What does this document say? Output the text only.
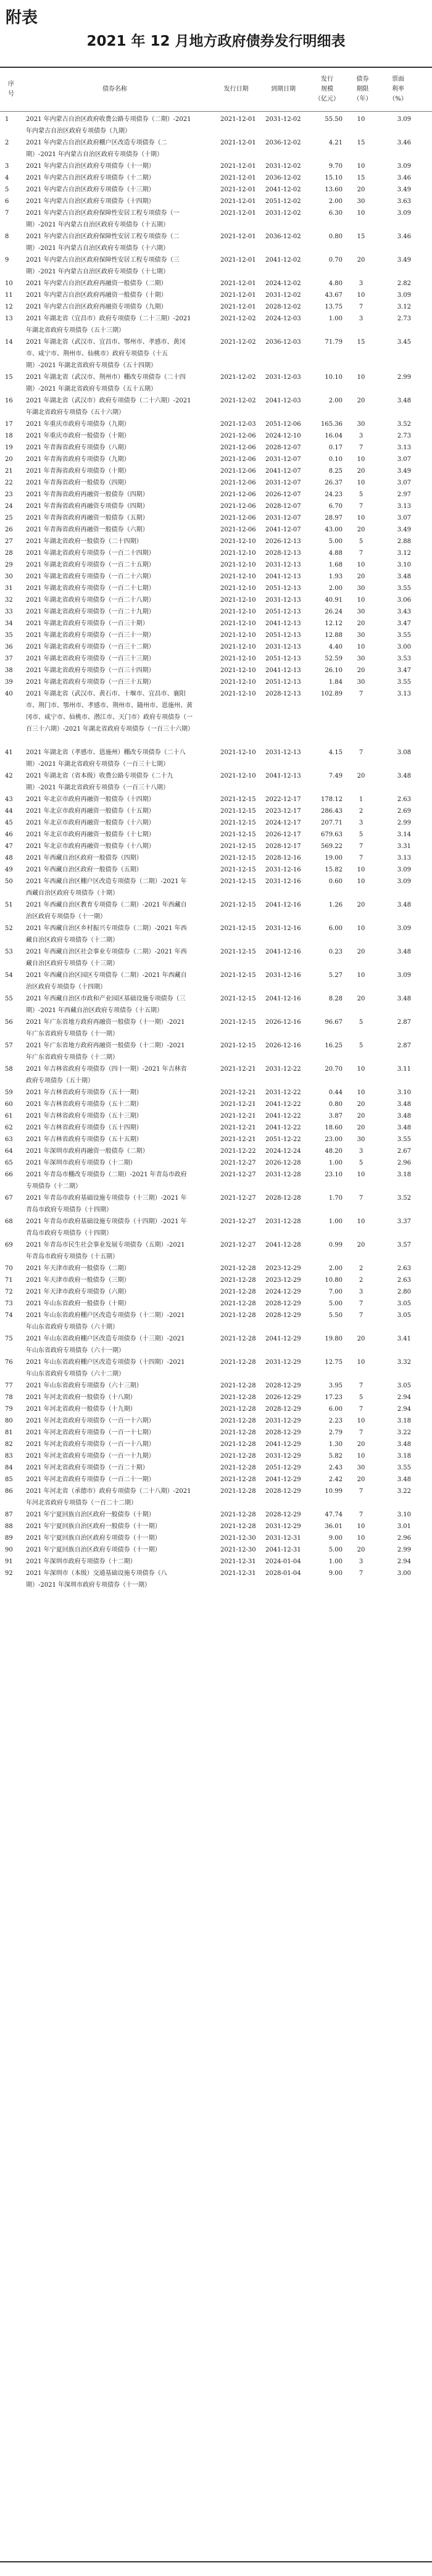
附表
2021 年 12 月地方政府债券发行明细表
序
号
债券名称	发行日期	到期日期
发行
规模
（亿元）
债券
期限
（年）
票面
利率
（%）
1	2021 年内蒙古自治区政府收费公路专项债券（二期）-2021 年内蒙古自治区政府专项债券（九期）
2021-12-01 2031-12-02	55.50	10	3.09
2	2021 年内蒙古自治区政府棚户区改造专项债券（二期）-2021 年内蒙古自治区政府专项债券（十期）
2021-12-01 2036-12-02	4.21	15	3.46
3	2021 年内蒙古自治区政府专项债券（十一期）	2021-12-01 2031-12-02	9.70	10	3.09
4	2021 年内蒙古自治区政府专项债券（十二期）	2021-12-01 2036-12-02	15.10	15	3.46
5	2021 年内蒙古自治区政府专项债券（十三期）	2021-12-01 2041-12-02	13.60	20	3.49
6	2021 年内蒙古自治区政府专项债券（十四期）	2021-12-01 2051-12-02	2.00	30	3.63
7	2021 年内蒙古自治区政府保障性安居工程专项债券（一期）-2021 年内蒙古自治区政府专项债券（十五期）
2021-12-01 2031-12-02	6.30	10	3.09
8	2021 年内蒙古自治区政府保障性安居工程专项债券（二期）-2021 年内蒙古自治区政府专项债券（十六期）
2021-12-01 2036-12-02	0.80	15	3.46
9	2021 年内蒙古自治区政府保障性安居工程专项债券（三期）-2021 年内蒙古自治区政府专项债券（十七期）
2021-12-01 2041-12-02	0.70	20	3.49
10 2021 年内蒙古自治区政府再融资一般债券（二期）	2021-12-01 2024-12-02	4.80	3	2.82
11 2021 年内蒙古自治区政府再融资一般债券（十期）	2021-12-01 2031-12-02	43.67	10	3.09
12 2021 年内蒙古自治区政府再融资专项债券（九期）	2021-12-01 2028-12-02	13.75	7	3.12
13 2021 年湖北省（宜昌市）政府专项债券（二十三期）-2021 年湖北省政府专项债券（五十三期）
2021-12-02 2024-12-03	1.00	3	2.73
14 2021 年湖北省（武汉市、宜昌市、鄂州市、孝感市、黄冈市、咸宁市、荆州市、仙桃市）政府专项债券（十五期）-2021 年湖北省政府专项债券（五十四期）
2021-12-02 2036-12-03	71.79	15	3.45
15 2021 年湖北省（武汉市、荆州市）棚改专项债券（二十四期）-2021 年湖北省政府专项债券（五十五期）
2021-12-02 2031-12-03	10.10	10	2.99
16 2021 年湖北省（武汉市）政府专项债券（二十六期）-2021 年湖北省政府专项债券（五十六期）
2021-12-02 2041-12-03	2.00	20	3.48
17 2021 年重庆市政府专项债券（九期）	2021-12-03 2051-12-06	165.36	30	3.52
18 2021 年重庆市政府一般债券（十期）	2021-12-06 2024-12-10	16.04	3	2.73
19 2021 年青海省政府专项债券（八期）	2021-12-06 2028-12-07	0.17	7	3.13
20 2021 年青海省政府专项债券（九期）	2021-12-06 2031-12-07	0.10	10	3.07
21 2021 年青海省政府专项债券（十期）	2021-12-06 2041-12-07	8.25	20	3.49
22 2021 年青海省政府一般债券（四期）	2021-12-06 2031-12-07	26.37	10	3.07
23 2021 年青海省政府再融资一般债券（四期）	2021-12-06 2026-12-07	24.23	5	2.97
24 2021 年青海省政府再融资专项债券（四期）	2021-12-06 2028-12-07	6.70	7	3.13
25 2021 年青海省政府再融资一般债券（五期）	2021-12-06 2031-12-07	28.97	10	3.07
26 2021 年青海省政府再融资一般债券（六期）	2021-12-06 2041-12-07	43.00	20	3.49
27 2021 年湖北省政府一般债券（二十四期）	2021-12-10 2026-12-13	5.00	5	2.88
28 2021 年湖北省政府专项债券（一百二十四期）	2021-12-10 2028-12-13	4.88	7	3.12
29 2021 年湖北省政府专项债券（一百二十五期）	2021-12-10 2031-12-13	1.68	10	3.10
30 2021 年湖北省政府专项债券（一百二十六期）	2021-12-10 2041-12-13	1.93	20	3.48
31 2021 年湖北省政府专项债券（一百二十七期）	2021-12-10 2051-12-13	2.00	30	3.55
32 2021 年湖北省政府专项债券（一百二十八期）	2021-12-10 2031-12-13	40.91	10	3.06
33 2021 年湖北省政府专项债券（一百二十九期）	2021-12-10 2051-12-13	26.24	30	3.43
34 2021 年湖北省政府专项债券（一百三十期）	2021-12-10 2041-12-13	12.12	20	3.47
35 2021 年湖北省政府专项债券（一百三十一期）	2021-12-10 2051-12-13	12.88	30	3.55
36 2021 年湖北省政府专项债券（一百三十二期）	2021-12-10 2031-12-13	4.40	10	3.00
37 2021 年湖北省政府专项债券（一百三十三期）	2021-12-10 2051-12-13	52.59	30	3.53
38 2021 年湖北省政府专项债券（一百三十四期）	2021-12-10 2041-12-13	26.10	20	3.47
39 2021 年湖北省政府专项债券（一百三十五期）	2021-12-10 2051-12-13	1.84	30	3.55
40 2021 年湖北省（武汉市、黄石市、十堰市、宜昌市、襄阳市、荆门市、鄂州市、孝感市、荆州市、随州市、恩施州、黄冈市、咸宁市、仙桃市、潜江市、天门市）政府专项债券（一百三十六期）-2021 年湖北省政府专项债券（一百三十六期）
2021-12-10 2028-12-13	102.89	7	3.13
41 2021 年湖北省（孝感市、恩施州）棚改专项债券（二十八期）-2021 年湖北省政府专项债券（一百三十七期）
2021-12-10 2031-12-13	4.15	7	3.08
42 2021 年湖北省（省本级）收费公路专项债券（二十九期）-2021 年湖北省政府专项债券（一百三十八期）
2021-12-10 2041-12-13	7.49	20	3.48
43 2021 年北京市政府再融资一般债券（十四期）	2021-12-15 2022-12-17	178.12	1	2.63
44 2021 年北京市政府再融资一般债券（十五期）	2021-12-15 2023-12-17	286.43	2	2.69
45 2021 年北京市政府再融资一般债券（十六期）	2021-12-15 2024-12-17	207.71	3	2.99
46 2021 年北京市政府再融资一般债券（十七期）	2021-12-15 2026-12-17	679.63	5	3.14
47 2021 年北京市政府再融资一般债券（十八期）	2021-12-15 2028-12-17	569.22	7	3.31
48 2021 年西藏自治区政府一般债券（四期）	2021-12-15 2028-12-16	19.00	7	3.13
49 2021 年西藏自治区政府一般债券（五期）	2021-12-15 2031-12-16	15.82	10	3.09
50 2021 年西藏自治区棚户区改造专项债券（二期）-2021 年西藏自治区政府专项债券（十期）
2021-12-15 2031-12-16	0.60	10	3.09
51 2021 年西藏自治区教育专项债券（二期）-2021 年西藏自治区政府专项债券（十一期）
2021-12-15 2041-12-16	1.26	20	3.48
52 2021 年西藏自治区乡村振兴专项债券（二期）-2021 年西藏自治区政府专项债券（十二期）
2021-12-15 2031-12-16	6.00	10	3.09
53 2021 年西藏自治区社会事业专项债券（二期）-2021 年西藏自治区政府专项债券（十三期）
2021-12-15 2041-12-16	0.23	20	3.48
54 2021 年西藏自治区园区专项债券（二期）-2021 年西藏自治区政府专项债券（十四期）
2021-12-15 2031-12-16	5.27	10	3.09
55 2021 年西藏自治区市政和产业园区基础设施专项债券（三期）-2021 年西藏自治区政府专项债券（十五期）
2021-12-15 2041-12-16	8.28	20	3.48
56 2021 年广东省地方政府再融资一般债券（十一期）-2021 年广东省政府专项债券（十一期）
2021-12-15 2026-12-16	96.67	5	2.87
57 2021 年广东省地方政府再融资一般债券（十二期）-2021 年广东省政府专项债券（十二期）
2021-12-15 2026-12-16	16.25	5	2.87
58 2021 年吉林省政府专项债券（四十一期）-2021 年吉林省政府专项债券（五十期）
2021-12-21 2031-12-22	20.70	10	3.11
59 2021 年吉林省政府专项债券（五十一期）	2021-12-21 2031-12-22	0.44	10	3.10
60 2021 年吉林省政府专项债券（五十二期）	2021-12-21 2041-12-22	0.80	20	3.48
61 2021 年吉林省政府专项债券（五十三期）	2021-12-21 2041-12-22	3.87	20	3.48
62 2021 年吉林省政府专项债券（五十四期）	2021-12-21 2041-12-22	18.60	20	3.48
63 2021 年吉林省政府专项债券（五十五期）	2021-12-21 2051-12-22	23.00	30	3.55
64 2021 年深圳市政府再融资一般债券（二期）	2021-12-22 2024-12-24	48.20	3	2.67
65 2021 年深圳市政府专项债券（十二期）	2021-12-27 2026-12-28	1.00	5	2.96
66 2021 年青岛市棚改专项债券（二期）-2021 年青岛市政府专项债券（十二期）
2021-12-27 2031-12-28	23.10	10	3.18
67 2021 年青岛市政府基础设施专项债券（十三期）-2021 年青岛市政府专项债券（十四期）
2021-12-27 2028-12-28	1.70	7	3.52
68 2021 年青岛市政府基础设施专项债券（十四期）-2021 年青岛市政府专项债券（十四期）
2021-12-27 2031-12-28	1.00	10	3.37
69 2021 年青岛市民生社会事业发展专项债券（五期）-2021 年青岛市政府专项债券（十五期）
2021-12-27 2041-12-28	0.99	20	3.57
70 2021 年天津市政府一般债券（二期）	2021-12-28 2023-12-29	2.00	2	2.63
71 2021 年天津市政府一般债券（三期）	2021-12-28 2023-12-29	10.80	2	2.63
72 2021 年天津市政府专项债券（六期）	2021-12-28 2024-12-29	7.00	3	2.80
73 2021 年山东省政府一般债券（十期）	2021-12-28 2028-12-29	5.00	7	3.05
74 2021 年山东省政府棚户区改造专项债券（十二期）-2021 年山东省政府专项债券（六十期）
2021-12-28 2028-12-29	5.50	7	3.05
75 2021 年山东省政府棚户区改造专项债券（十三期）-2021 年山东省政府专项债券（六十一期）
2021-12-28 2041-12-29	19.80	20	3.41
76 2021 年山东省政府棚户区改造专项债券（十四期）-2021 年山东省政府专项债券（六十二期）
2021-12-28 2031-12-29	12.75	10	3.32
77 2021 年山东省政府专项债券（六十三期）	2021-12-28 2028-12-29	3.95	7	3.05
78 2021 年河北省政府一般债券（十八期）	2021-12-28 2026-12-29	17.23	5	2.94
79 2021 年河北省政府一般债券（十九期）	2021-12-28 2028-12-29	6.00	7	2.94
80 2021 年河北省政府专项债券（一百一十六期）	2021-12-28 2031-12-29	2.23	10	3.18
81 2021 年河北省政府专项债券（一百一十七期）	2021-12-28 2028-12-29	2.79	7	3.22
82 2021 年河北省政府专项债券（一百一十八期）	2021-12-28 2041-12-29	1.30	20	3.48
83 2021 年河北省政府专项债券（一百一十九期）	2021-12-28 2031-12-29	5.82	10	3.18
84 2021 年河北省政府专项债券（一百二十期）	2021-12-28 2051-12-29	2.43	30	3.55
85 2021 年河北省政府专项债券（一百二十一期）	2021-12-28 2041-12-29	2.42	20	3.48
86 2021 年河北省（承德市）政府专项债券（二十八期）-2021 年河北省政府专项债券（一百二十二期）
2021-12-28 2028-12-29	10.99	7	3.22
87 2021 年宁夏回族自治区政府一般债券（十期）	2021-12-28 2028-12-29	47.74	7	3.10
88 2021 年宁夏回族自治区政府一般债券（十一期）	2021-12-28 2031-12-29	36.01	10	3.01
89 2021 年宁夏回族自治区政府专项债券（十一期）	2021-12-30 2031-12-31	9.00	10	2.96
90 2021 年宁夏回族自治区政府专项债券（十一期）	2021-12-30 2041-12-31	5.00	20	2.99
91 2021 年深圳市政府专项债券（十二期）	2021-12-31 2024-01-04	1.00	3	2.94
92 2021 年深圳市（本级）交通基础设施专项债券（八期）-2021 年深圳市政府专项债券（十一期）
2021-12-31 2028-01-04	9.00	7	3.00
